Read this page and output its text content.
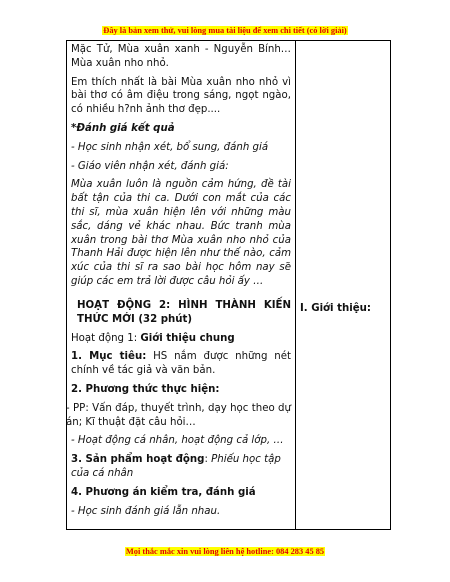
Đây là bản xem thử, vui lòng mua tài liệu để xem chi tiết (có lời giải)

Mặc Tử, Mùa xuân xanh - Nguyễn Bính… Mùa xuân nho nhỏ.

Em thích nhất là bài Mùa xuân nho nhỏ vì bài thơ có âm điệu trong sáng, ngọt ngào, có nhiều h?nh ảnh thơ đẹp....

*Đánh giá kết quả

- Học sinh nhận xét, bổ sung, đánh giá

- Giáo viên nhận xét, đánh giá:

Mùa xuân luôn là nguồn cảm hứng, đề tài bất tận của thi ca. Dưới con mắt của các thi sĩ, mùa xuân hiện lên với những màu sắc, dáng vẻ khác nhau. Bức tranh mùa xuân trong bài thơ Mùa xuân nho nhỏ của Thanh Hải được hiện lên như thế nào, cảm xúc của thi sĩ ra sao bài học hôm nay sẽ giúp các em trả lời được câu hỏi ấy …

HOẠT ĐỘNG 2: HÌNH THÀNH KIẾN THỨC MỚI (32 phút)

Hoạt động 1: Giới thiệu chung

1. Mục tiêu: HS nắm được những nét chính về tác giả và văn bản.

2. Phương thức thực hiện:

- PP: Vấn đáp, thuyết trình, dạy học theo dự án; Kĩ thuật đặt câu hỏi…

- Hoạt động cá nhân, hoạt động cả lớp, …

3. Sản phẩm hoạt động: Phiếu học tập của cá nhân

4. Phương án kiểm tra, đánh giá

- Học sinh đánh giá lẫn nhau.

I. Giới thiệu:
Mọi thắc mắc xin vui lòng liên hệ hotline: 084 283 45 85
